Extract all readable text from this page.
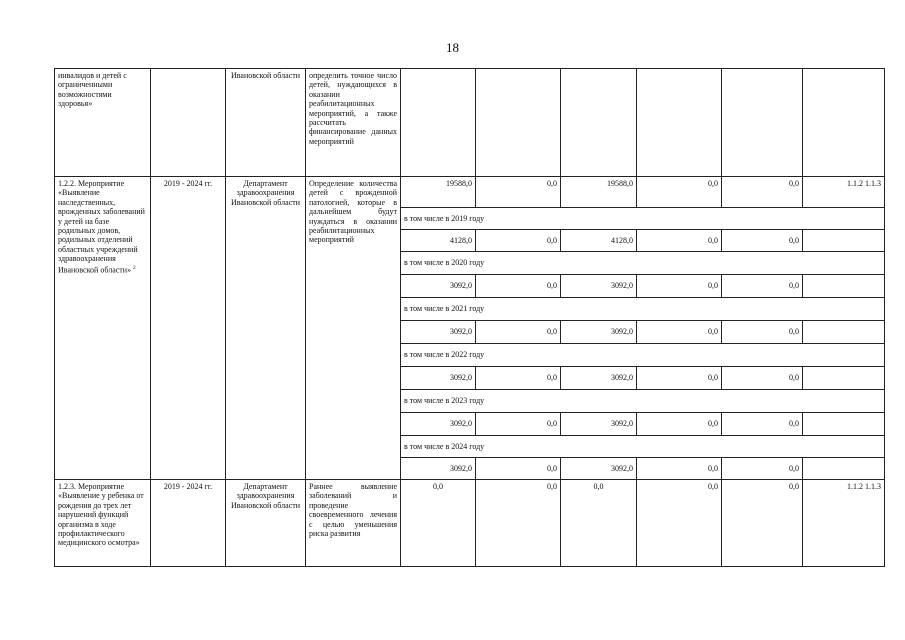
18
инвалидов и детей с ограниченными возможностями здоровья»		Ивановской области	определить точное число детей, нуждающихся в оказании реабилитационных мероприятий, а также рассчитать финансирование данных мероприятий						
1.2.2. Мероприятие «Выявление наследственных, врожденных заболеваний у детей на базе родильных домов, родильных отделений областных учреждений здравоохранения Ивановской области» $^2$	2019 - 2024 гг.	Департамент здравоохранения Ивановской области	Определение количества детей с врожденной патологией, которые в дальнейшем будут нуждаться в оказании реабилитационных мероприятий	19588,0	0,0	19588,0	0,0	0,0	1.1.2 1.1.3
				в том числе в 2019 году					
				4128,0	0,0	4128,0	0,0	0,0	
				в том числе в 2020 году					
				3092,0	0,0	3092,0	0,0	0,0	
				в том числе в 2021 году					
				3092,0	0,0	3092,0	0,0	0,0	
				в том числе в 2022 году					
				3092,0	0,0	3092,0	0,0	0,0	
				в том числе в 2023 году					
				3092,0	0,0	3092,0	0,0	0,0	
				в том числе в 2024 году					
				3092,0	0,0	3092,0	0,0	0,0	
1.2.3. Мероприятие «Выявление у ребенка от рождения до трех лет нарушений функций организма в ходе профилактического медицинского осмотра»	2019 - 2024 гг.	Департамент здравоохранения Ивановской области	Раннее выявление заболеваний и проведение своевременного лечения с целью уменьшения риска развития	0,0	0,0	0,0	0,0	0,0	1.1.2 1.1.3
